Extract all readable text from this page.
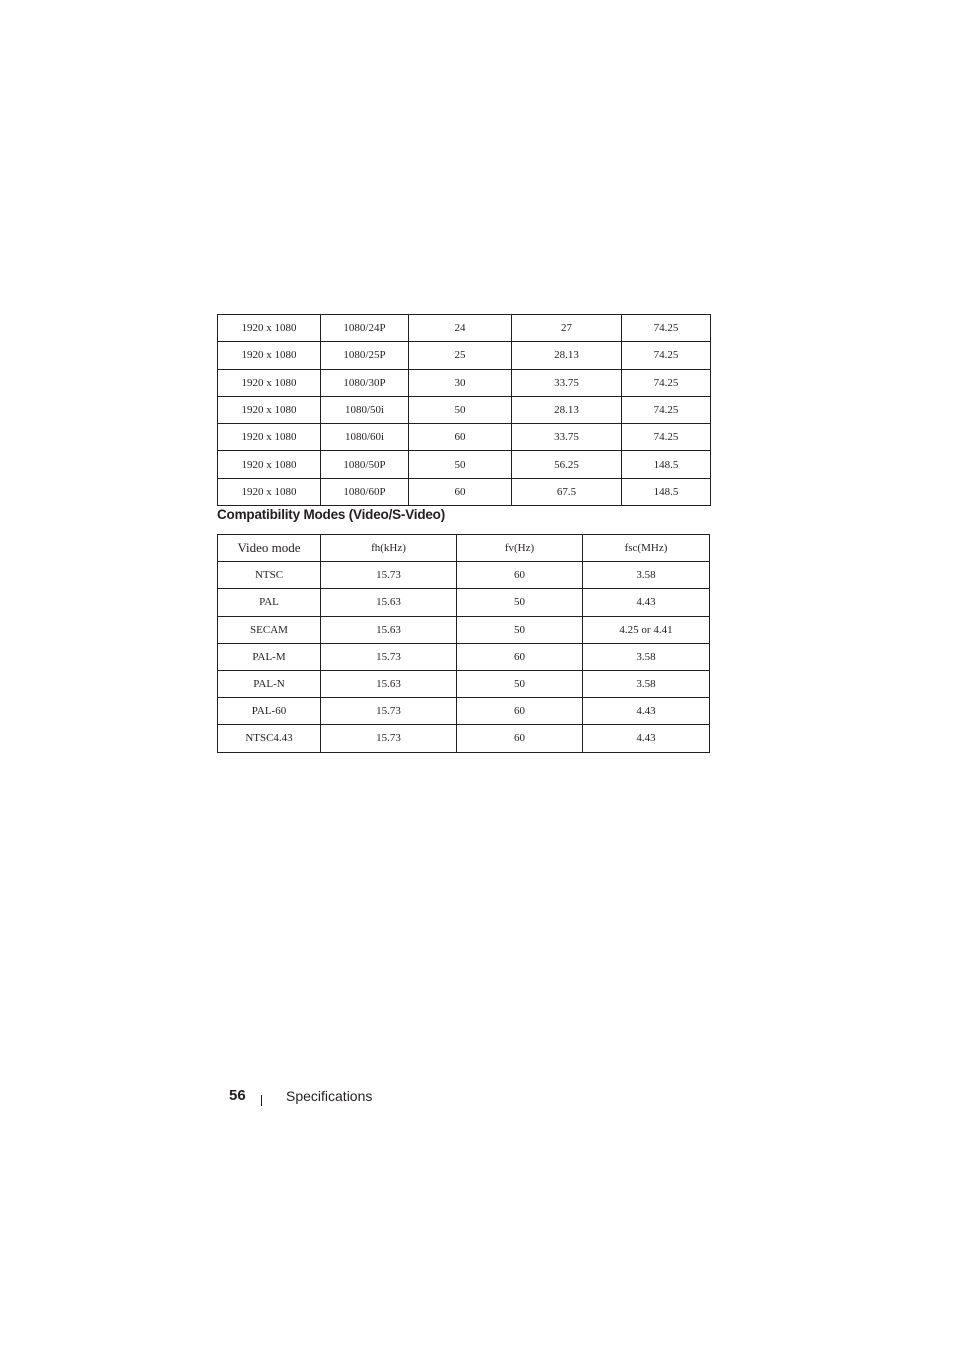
1920 x 1080	1080/24P	24	27	74.25
1920 x 1080	1080/25P	25	28.13	74.25
1920 x 1080	1080/30P	30	33.75	74.25
1920 x 1080	1080/50i	50	28.13	74.25
1920 x 1080	1080/60i	60	33.75	74.25
1920 x 1080	1080/50P	50	56.25	148.5
1920 x 1080	1080/60P	60	67.5	148.5
Compatibility Modes (Video/S-Video)
Video mode	fh(kHz)	fv(Hz)	fsc(MHz)
NTSC	15.73	60	3.58
PAL	15.63	50	4.43
SECAM	15.63	50	4.25 or 4.41
PAL-M	15.73	60	3.58
PAL-N	15.63	50	3.58
PAL-60	15.73	60	4.43
NTSC4.43	15.73	60	4.43
56	Specifications
